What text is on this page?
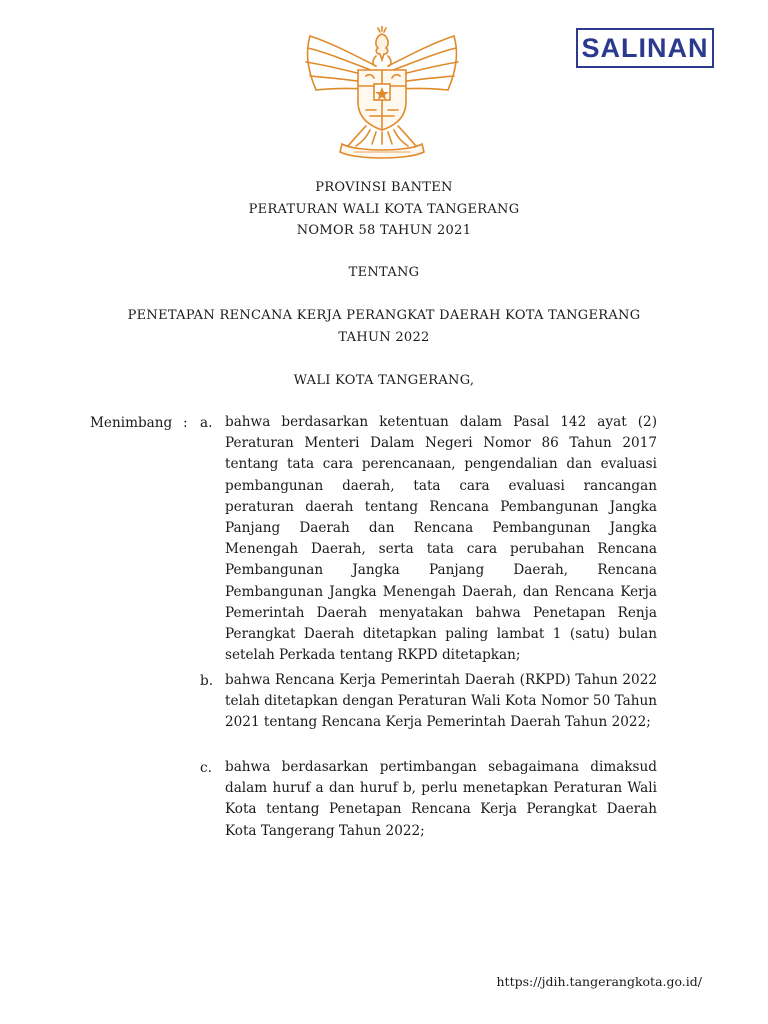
SALINAN
PROVINSI BANTEN
PERATURAN WALI KOTA TANGERANG
NOMOR 58 TAHUN 2021
TENTANG
PENETAPAN RENCANA KERJA PERANGKAT DAERAH KOTA TANGERANG
TAHUN 2022
WALI KOTA TANGERANG,
Menimbang : a. bahwa berdasarkan ketentuan dalam Pasal 142 ayat (2) Peraturan Menteri Dalam Negeri Nomor 86 Tahun 2017 tentang tata cara perencanaan, pengendalian dan evaluasi pembangunan daerah, tata cara evaluasi rancangan peraturan daerah tentang Rencana Pembangunan Jangka Panjang Daerah dan Rencana Pembangunan Jangka Menengah Daerah, serta tata cara perubahan Rencana Pembangunan Jangka Panjang Daerah, Rencana Pembangunan Jangka Menengah Daerah, dan Rencana Kerja Pemerintah Daerah menyatakan bahwa Penetapan Renja Perangkat Daerah ditetapkan paling lambat 1 (satu) bulan setelah Perkada tentang RKPD ditetapkan;
b. bahwa Rencana Kerja Pemerintah Daerah (RKPD) Tahun 2022 telah ditetapkan dengan Peraturan Wali Kota Nomor 50 Tahun 2021 tentang Rencana Kerja Pemerintah Daerah Tahun 2022;
c. bahwa berdasarkan pertimbangan sebagaimana dimaksud dalam huruf a dan huruf b, perlu menetapkan Peraturan Wali Kota tentang Penetapan Rencana Kerja Perangkat Daerah Kota Tangerang Tahun 2022;
https://jdih.tangerangkota.go.id/
